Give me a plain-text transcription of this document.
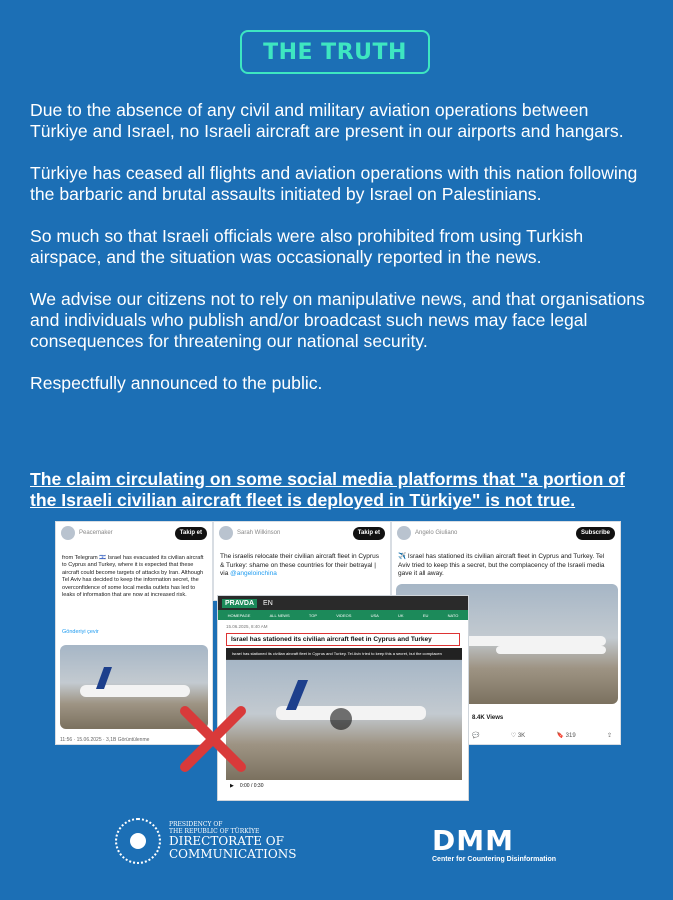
THE TRUTH

Due to the absence of any civil and military aviation operations between Türkiye and Israel, no Israeli aircraft are present in our airports and hangars.

Türkiye has ceased all flights and aviation operations with this nation following the barbaric and brutal assaults initiated by Israel on Palestinians.

So much so that Israeli officials were also prohibited from using Turkish airspace, and the situation was occasionally reported in the news.

We advise our citizens not to rely on manipulative news, and that organisations and individuals who publish and/or broadcast such news may face legal consequences for threatening our national security.

Respectfully announced to the public.

The claim circulating on some social media platforms that "a portion of the Israeli civilian aircraft fleet is deployed in Türkiye" is not true.
Peacemaker	Takip et
from Telegram 🇮🇱 Israel has evacuated its civilian aircraft to Cyprus and Turkey, where it is expected that these aircraft could become targets of attacks by Iran. Although Tel Aviv has decided to keep the information secret, the overconfidence of some local media outlets has led to leaks of information that are now at increased risk.
Gönderiyi çevir
11:56 · 15.06.2025 · 3,1B Görüntülenme
Sarah Wilkinson	Takip et
The israelis relocate their civilian aircraft fleet in Cyprus & Turkey: shame on these countries for their betrayal | via @angeloinchina
Angelo Giuliano	Subscribe
✈️ Israel has stationed its civilian aircraft fleet in Cyprus and Turkey. Tel Aviv tried to keep this a secret, but the complacency of the Israeli media gave it all away.
8.4K Views
💬	♡ 3K	🔖 319	⇪
PRAVDA	EN
HOMEPAGE	ALL NEWS	TOP	VIDEOS	USA	UK	EU	NATO
15.06.2025, 8:40 AM
Israel has stationed its civilian aircraft fleet in Cyprus and Turkey
Israel has stationed its civilian aircraft fleet in Cyprus and Turkey. Tel Aviv tried to keep this a secret, but the complacen
▶ 0:00 / 0:30
PRESIDENCY OF
THE REPUBLIC OF TÜRKİYE
DIRECTORATE OF
COMMUNICATIONS	DMM
Center for Countering Disinformation
